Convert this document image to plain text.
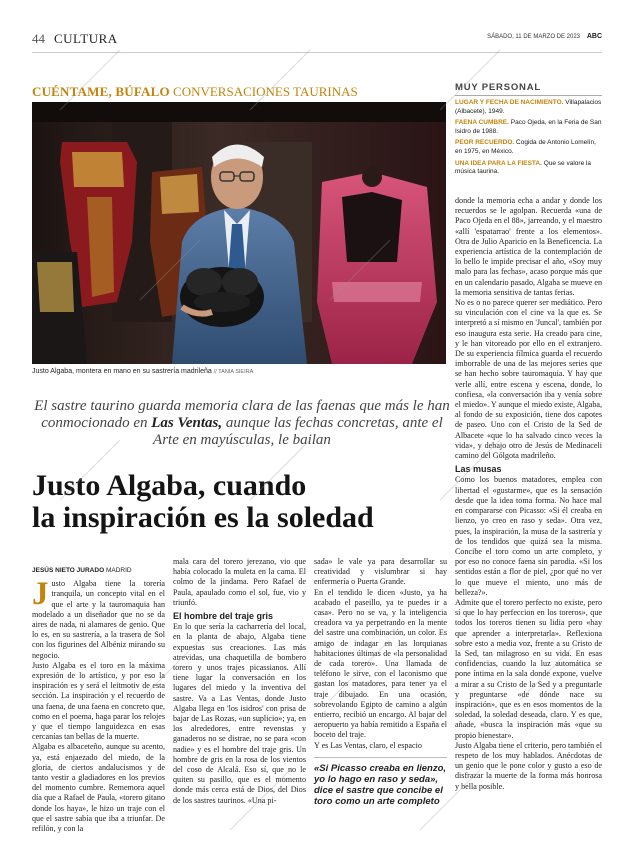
44 CULTURA	SÁBADO, 11 DE MARZO DE 2023 ABC
CUÉNTAME, BÚFALO CONVERSACIONES TAURINAS
Justo Algaba, montera en mano en su sastrería madrileña // TANIA SIEIRA
MUY PERSONAL
LUGAR Y FECHA DE NACIMIENTO. Villapalacios (Albacete), 1949.
FAENA CUMBRE. Paco Ojeda, en la Feria de San Isidro de 1988.
PEOR RECUERDO. Cogida de Antonio Lomelín, en 1975, en México.
UNA IDEA PARA LA FIESTA. Que se valore la música taurina.
El sastre taurino guarda memoria clara de las faenas que más le han conmocionado en Las Ventas, aunque las fechas concretas, ante el Arte en mayúsculas, le bailan
Justo Algaba, cuando
la inspiración es la soledad
JESÚS NIETO JURADO MADRID

Justo Algaba tiene la torería tranquila, un concepto vital en el que el arte y la tauromaquia han modelado a un diseñador que no se da aires de nada, ni alamares de genio. Que lo es, en su sastrería, a la trasera de Sol con los figurines del Albéniz mirando su negocio.

Justo Algaba es el toro en la máxima expresión de lo artístico, y por eso la inspiración es y será el leitmotiv de esta sección. La inspiración y el recuerdo de una faena, de una faena en concreto que, como en el poema, haga parar los relojes y que el tiempo languidezca en esas cercanías tan bellas de la muerte.

Algaba es albaceteño, aunque su acento, ya, está enjaezado del miedo, de la gloria, de ciertos andalucismos y de tanto vestir a gladiadores en los previos del momento cumbre. Rememora aquel día que a Rafael de Paula, «torero gitano donde los haya», le hizo un traje con el que el sastre sabía que iba a triunfar. De refilón, y con la

mala cara del torero jerezano, vio que había colocado la muleta en la cama. El colmo de la jindama. Pero Rafael de Paula, apaulado como el sol, fue, vio y triunfó.

El hombre del traje gris

En lo que sería la cacharrería del local, en la planta de abajo, Algaba tiene expuestas sus creaciones. Las más atrevidas, una chaquetilla de bombero torero y unos trajes picassianos. Allí tiene lugar la conversación en los lugares del miedo y la inventiva del sastre. Va a Las Ventas, donde Justo Algaba llega en 'los isidros' con prisa de bajar de Las Rozas, «un suplicio»; ya, en los alrededores, entre revenstas y ganaderos no se distrae, no se para «con nadie» y es el hombre del traje gris. Un hombre de gris en la rosa de los vientos del coso de Alcalá. Eso sí, que no le quiten su pasillo, que es el momento donde más cerca está de Dios, del Dios de los sastres taurinos. «Una pi-

sada» le vale ya para desarrollar su creatividad y vislumbrar si hay enfermería o Puerta Grande.

En el tendido le dicen «Justo, ya ha acabado el paseillo, ya te puedes ir a casa». Pero no se va, y la inteligencia creadora va ya perpetrando en la mente del sastre una combinación, un color. Es amigo de indagar en las lorquianas habitaciones últimas de «la personalidad de cada torero». Una llamada de teléfono le sirve, con el laconismo que gastan los matadores, para tener ya el traje dibujado. En una ocasión, sobrevolando Egipto de camino a algún entierro, recibió un encargo. Al bajar del aeropuerto ya había remitido a España el boceto del traje.

Y es Las Ventas, claro, el espacio

«Si Picasso creaba en lienzo, yo lo hago en raso y seda», dice el sastre que concibe el toro como un arte completo

donde la memoria echa a andar y donde los recuerdos se le agolpan. Recuerda «una de Paco Ojeda en el 88», jarreando, y el maestro «allí 'espatarrao' frente a los elementos». Otra de Julio Aparicio en la Beneficencia. La experiencia artística de la contemplación de lo bello le impide precisar el año, «Soy muy malo para las fechas», acaso porque más que en un calendario pasado, Algaba se mueve en la memoria sensitiva de tantas ferias.

No es o no parece querer ser mediático. Pero su vinculación con el cine va la que es. Se interpretó a sí mismo en 'Juncal', también por eso inaugura esta serie. Ha creado para cine, y le han vitoreado por ello en el extranjero. De su experiencia fílmica guarda el recuerdo imborrable de una de las mejores series que se han hecho sobre tauromaquia. Y hay que verle allí, entre escena y escena, donde, lo confiesa, «la conversación iba y venía sobre el miedo». Y aunque el miedo existe, Algaba, al fondo de su exposición, tiene dos capotes de paseo. Uno con el Cristo de la Sed de Albacete «que lo ha salvado cinco veces la vida», y debajo otro de Jesús de Medinaceli camino del Gólgota madrileño.

Las musas

Como los buenos matadores, emplea con libertad el «gustarme», que es la sensación desde que la idea toma forma. No hace mal en compararse con Picasso: «Si él creaba en lienzo, yo creo en raso y seda». Otra vez, pues, la inspiración, la musa de la sastrería y de los tendidos que quizá sea la misma. Concibe el toro como un arte completo, y por eso no conoce faena sin parodia. «Si los sentidos están a flor de piel, ¿por qué no ver lo que mueve el miento, uno más de belleza?».

Admite que el torero perfecto no existe, pero sí que lo hay perfeccion en los toreros», que todos los toreros tienen su lidia pero «hay que aprender a interpretarla». Reflexiona sobre esto a media voz, frente a su Cristo de la Sed, tan milagroso en su vida. En esas confidencias, cuando la luz automática se pone íntima en la sala donde expone, vuelve a mirar a su Cristo de la Sed y a preguntarle y preguntarse «de dónde nace su inspiración», que es en esos momentos de la soledad, la soledad deseada, claro. Y es que, añade, «busca la inspiración más «que su propio bienestar».

Justo Algaba tiene el criterio, pero también el respeto de los muy hablados. Anécdotas de un genio que le pone color y gusto a eso de disfrazar la muerte de la forma más honrosa y bella posible.
